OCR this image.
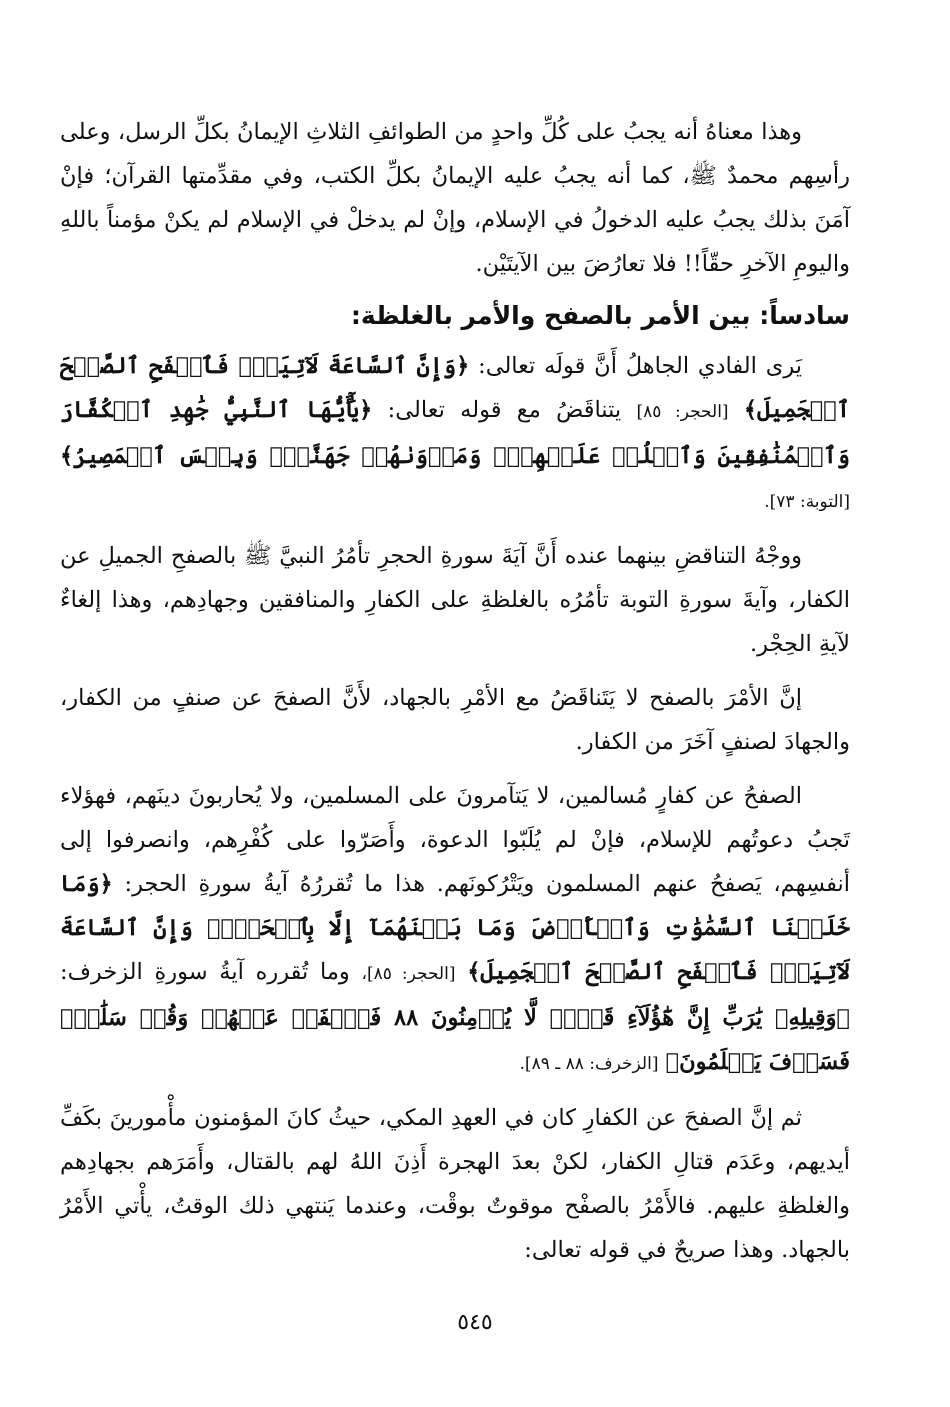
وهذا معناهُ أنه يجبُ على كُلِّ واحدٍ من الطوائفِ الثلاثِ الإيمانُ بكلِّ الرسل، وعلى رأسِهم محمدٌ ﷺ، كما أنه يجبُ عليه الإيمانُ بكلِّ الكتب، وفي مقدِّمتها القرآن؛ فإنْ آمَنَ بذلك يجبُ عليه الدخولُ في الإسلام، وإنْ لم يدخلْ في الإسلام لم يكنْ مؤمناً باللهِ واليومِ الآخرِ حقّاً!! فلا تعارُضَ بين الآيتَيْن.

سادساً: بين الأمر بالصفح والأمر بالغلظة:

يَرى الفادي الجاهلُ أَنَّ قولَه تعالى: ﴿وَإِنَّ ٱلسَّاعَةَ لَآتِيَةٌۖ فَٱصۡفَحِ ٱلصَّفۡحَ ٱلۡجَمِيلَ﴾ [الحجر: ٨٥] يتناقَضُ مع قوله تعالى: ﴿يَٰٓأَيُّهَا ٱلنَّبِيُّ جَٰهِدِ ٱلۡكُفَّارَ وَٱلۡمُنَٰفِقِينَ وَٱغۡلُظۡ عَلَيۡهِمۡۚ وَمَأۡوَىٰهُمۡ جَهَنَّمُۖ وَبِئۡسَ ٱلۡمَصِيرُ﴾ [التوبة: ٧٣].

ووجْهُ التناقضِ بينهما عنده أَنَّ آيَةَ سورةِ الحجرِ تأمُرُ النبيَّ ﷺ بالصفحِ الجميلِ عن الكفار، وآيةَ سورةِ التوبة تأمُرُه بالغلظةِ على الكفارِ والمنافقين وجهادِهم، وهذا إلغاءٌ لآيةِ الحِجْر.

إنَّ الأمْرَ بالصفح لا يَتَناقَضُ مع الأمْرِ بالجهاد، لأَنَّ الصفحَ عن صنفٍ من الكفار، والجهادَ لصنفٍ آخَرَ من الكفار.

الصفحُ عن كفارٍ مُسالمين، لا يَتآمرونَ على المسلمين، ولا يُحاربونَ دينَهم، فهؤلاء تَجبُ دعوتُهم للإسلام، فإنْ لم يُلَبّوا الدعوة، وأَصَرّوا على كُفْرِهم، وانصرفوا إلى أنفسِهم، يَصفحُ عنهم المسلمون ويَتْرُكونَهم. هذا ما تُقررُهُ آيةُ سورةِ الحجر: ﴿وَمَا خَلَقۡنَا ٱلسَّمَٰوَٰتِ وَٱلۡأَرۡضَ وَمَا بَيۡنَهُمَآ إِلَّا بِٱلۡحَقِّۗ وَإِنَّ ٱلسَّاعَةَ لَآتِيَةٌۖ فَٱصۡفَحِ ٱلصَّفۡحَ ٱلۡجَمِيلَ﴾ [الحجر: ٨٥]، وما تُقرره آيةُ سورةِ الزخرف: ﴿وَقِيلِهِۦ يَٰرَبِّ إِنَّ هَٰٓؤُلَآءِ قَوۡمٞ لَّا يُؤۡمِنُونَ ٨٨ فَٱصۡفَحۡ عَنۡهُمۡ وَقُلۡ سَلَٰمٞۚ فَسَوۡفَ يَعۡلَمُونَ﴾ [الزخرف: ٨٨ ـ ٨٩].

ثم إنَّ الصفحَ عن الكفارِ كان في العهدِ المكي، حيثُ كانَ المؤمنون مأْمورينَ بكَفِّ أيديهم، وعَدَم قتالِ الكفار، لكنْ بعدَ الهجرة أَذِنَ اللهُ لهم بالقتال، وأَمَرَهم بجهادِهم والغلظةِ عليهم. فالأَمْرُ بالصفْح موقوتٌ بوقْت، وعندما يَنتهي ذلك الوقتُ، يأْتي الأَمْرُ بالجهاد. وهذا صريحٌ في قوله تعالى:

٥٤٥
